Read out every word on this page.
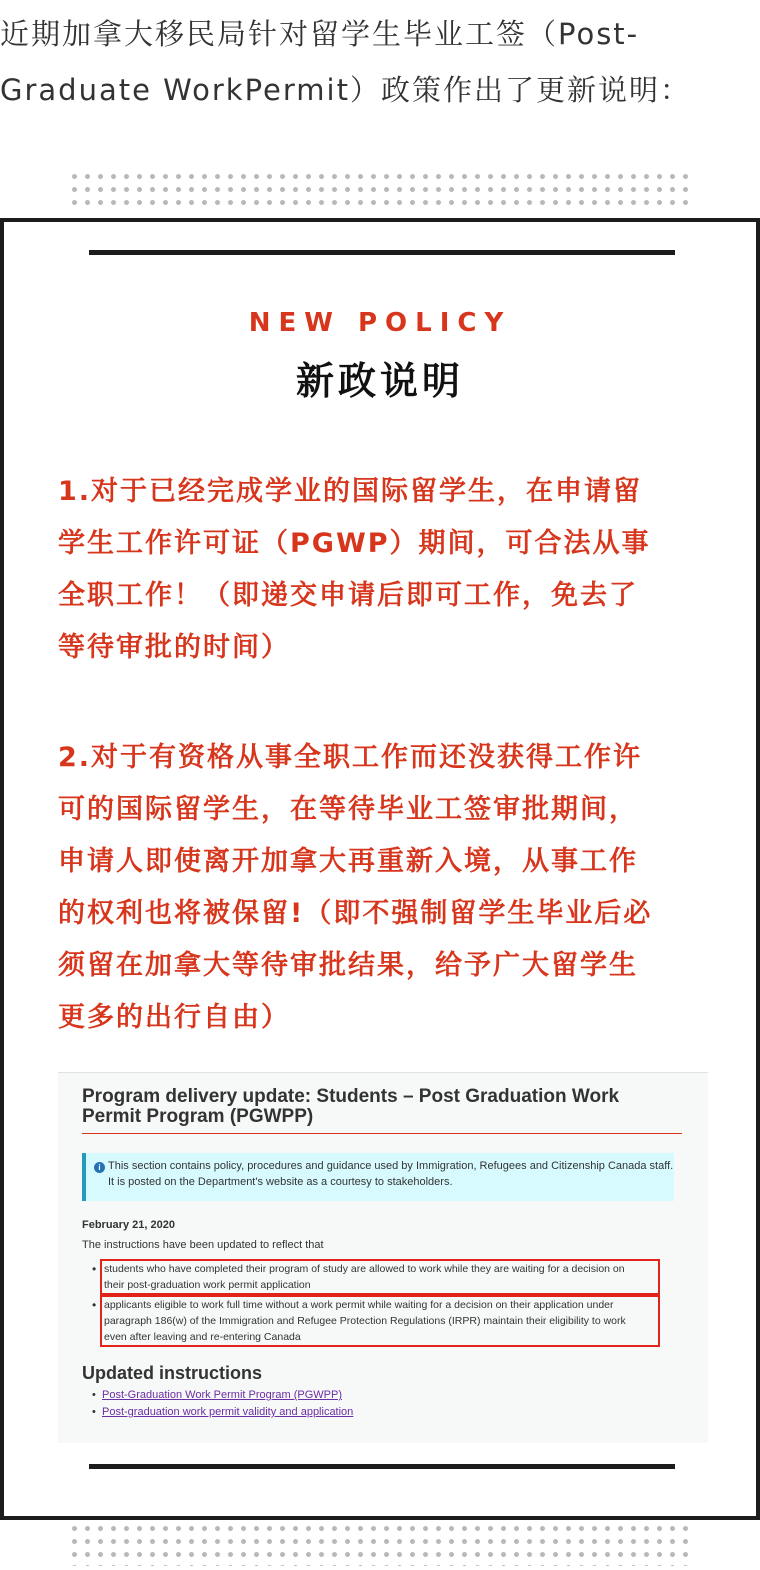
近期加拿大移民局针对留学生毕业工签（Post-

Graduate WorkPermit）政策作出了更新说明：

NEW POLICY
新政说明
1.对于已经完成学业的国际留学生，在申请留
学生工作许可证（PGWP）期间，可合法从事
全职工作！（即递交申请后即可工作，免去了
等待审批的时间）
2.对于有资格从事全职工作而还没获得工作许
可的国际留学生，在等待毕业工签审批期间，
申请人即使离开加拿大再重新入境，从事工作
的权利也将被保留!（即不强制留学生毕业后必
须留在加拿大等待审批结果，给予广大留学生
更多的出行自由）
Program delivery update: Students – Post Graduation Work Permit Program (PGWPP)
i This section contains policy, procedures and guidance used by Immigration, Refugees and Citizenship Canada staff.
It is posted on the Department's website as a courtesy to stakeholders.
February 21, 2020
The instructions have been updated to reflect that
• students who have completed their program of study are allowed to work while they are waiting for a decision on
their post-graduation work permit application
• applicants eligible to work full time without a work permit while waiting for a decision on their application under
paragraph 186(w) of the Immigration and Refugee Protection Regulations (IRPR) maintain their eligibility to work
even after leaving and re-entering Canada
Updated instructions
• Post-Graduation Work Permit Program (PGWPP)
• Post-graduation work permit validity and application
